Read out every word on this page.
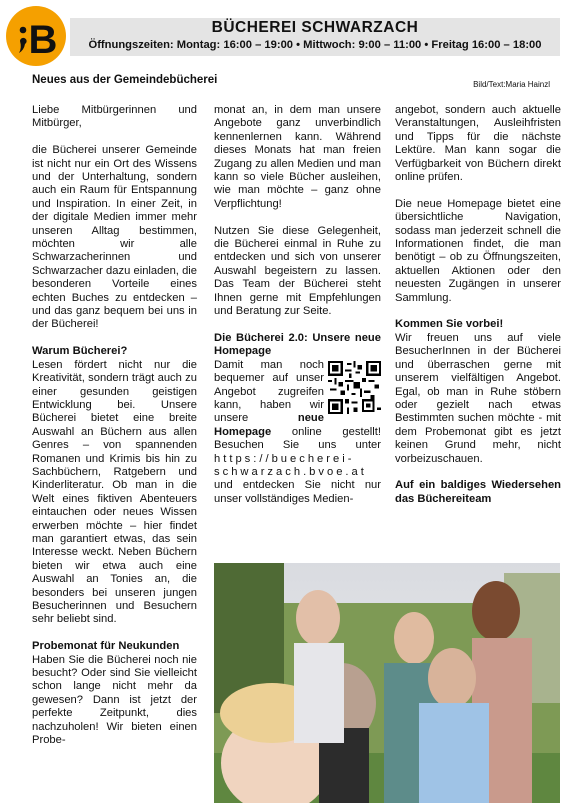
B	BÜCHEREI SCHWARZACH
Öffnungszeiten: Montag: 16:00 – 19:00 • Mittwoch: 9:00 – 11:00 • Freitag 16:00 – 18:00
Neues aus der Gemeindebücherei	Bild/Text:Maria Hainzl

Liebe Mitbürgerinnen und Mitbürger,

die Bücherei unserer Gemeinde ist nicht nur ein Ort des Wissens und der Unterhaltung, sondern auch ein Raum für Entspannung und Inspiration. In einer Zeit, in der digitale Medien immer mehr unseren Alltag bestimmen, möchten wir alle Schwarzacherinnen und Schwarzacher dazu einladen, die besonderen Vorteile eines echten Buches zu entdecken – und das ganz bequem bei uns in der Bücherei!

Warum Bücherei?

Lesen fördert nicht nur die Kreativität, sondern trägt auch zu einer gesunden geistigen Entwicklung bei. Unsere Bücherei bietet eine breite Auswahl an Büchern aus allen Genres – von spannenden Romanen und Krimis bis hin zu Sachbüchern, Ratgebern und Kinderliteratur. Ob man in die Welt eines fiktiven Abenteuers eintauchen oder neues Wissen erwerben möchte – hier findet man garantiert etwas, das sein Interesse weckt. Neben Büchern bieten wir etwa auch eine Auswahl an Tonies an, die besonders bei unseren jungen Besucherinnen und Besuchern sehr beliebt sind.

Probemonat für Neukunden

Haben Sie die Bücherei noch nie besucht? Oder sind Sie vielleicht schon lange nicht mehr da gewesen? Dann ist jetzt der perfekte Zeitpunkt, dies nachzuholen! Wir bieten einen Probe-

monat an, in dem man unsere Angebote ganz unverbindlich kennenlernen kann. Während dieses Monats hat man freien Zugang zu allen Medien und man kann so viele Bücher ausleihen, wie man möchte – ganz ohne Verpflichtung!

Nutzen Sie diese Gelegenheit, die Bücherei einmal in Ruhe zu entdecken und sich von unserer Auswahl begeistern zu lassen. Das Team der Bücherei steht Ihnen gerne mit Empfehlungen und Beratung zur Seite.

Die Bücherei 2.0: Unsere neue Homepage
Damit man noch bequemer auf unser Angebot zugreifen kann, haben wir unsere	neue Homepage online gestellt! Besuchen Sie uns unter https://buecherei-schwarzach.bvoe.at und entdecken Sie nicht nur unser vollständiges Medien-

angebot, sondern auch aktuelle Veranstaltungen, Ausleihfristen und Tipps für die nächste Lektüre. Man kann sogar die Verfügbarkeit von Büchern direkt online prüfen.

Die neue Homepage bietet eine übersichtliche Navigation, sodass man jederzeit schnell die Informationen findet, die man benötigt – ob zu Öffnungszeiten, aktuellen Aktionen oder den neuesten Zugängen in unserer Sammlung.

Kommen Sie vorbei!

Wir freuen uns auf viele BesucherInnen in der Bücherei und überraschen gerne mit unserem vielfältigen Angebot. Egal, ob man in Ruhe stöbern oder gezielt nach etwas Bestimmten suchen möchte - mit dem Probemonat gibt es jetzt keinen Grund mehr, nicht vorbeizuschauen.

Auf ein baldiges Wiedersehen das Büchereiteam
